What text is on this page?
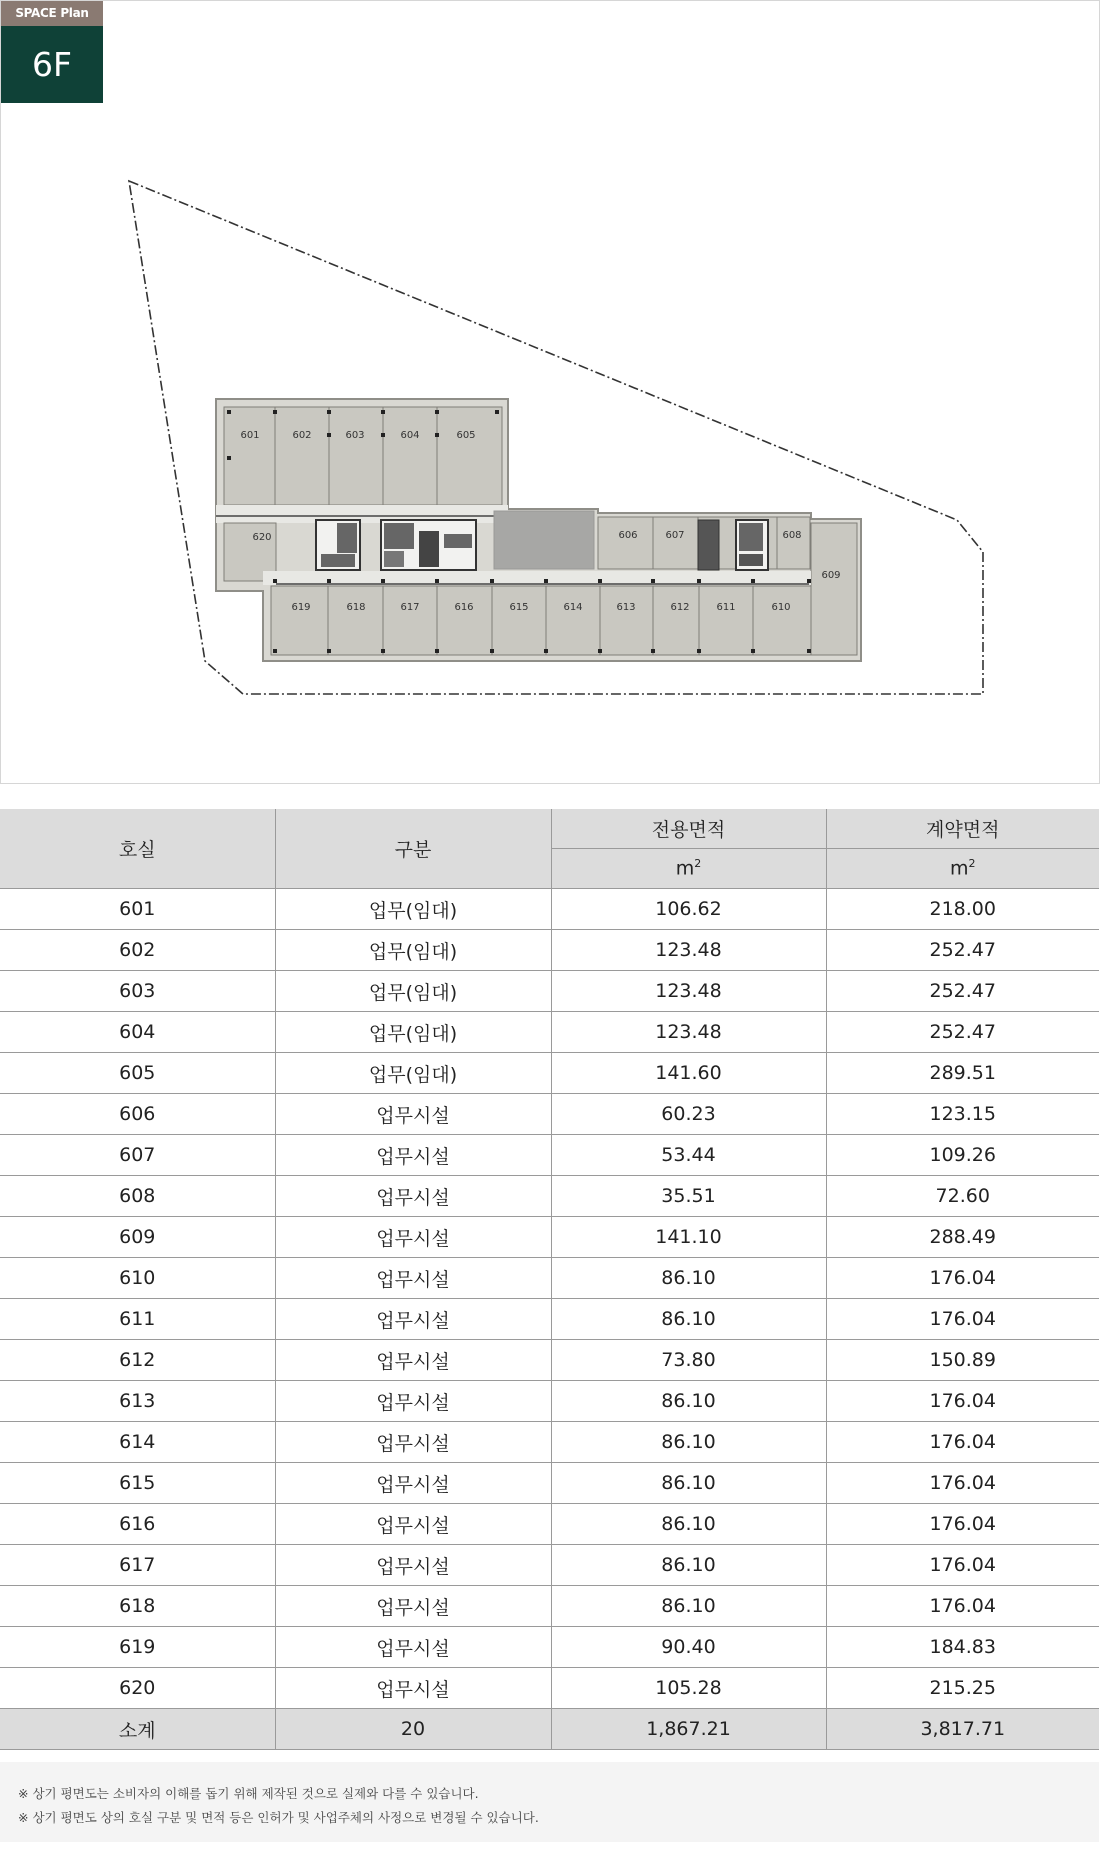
SPACE Plan
6F
601	602	603	604	605
620	606	607	608
609
619	618	617	616	615	614	613	612	611	610
호실	구분	전용면적	계약면적
		$m^2$	$m^2$
601	업무(임대)	106.62	218.00
602	업무(임대)	123.48	252.47
603	업무(임대)	123.48	252.47
604	업무(임대)	123.48	252.47
605	업무(임대)	141.60	289.51
606	업무시설	60.23	123.15
607	업무시설	53.44	109.26
608	업무시설	35.51	72.60
609	업무시설	141.10	288.49
610	업무시설	86.10	176.04
611	업무시설	86.10	176.04
612	업무시설	73.80	150.89
613	업무시설	86.10	176.04
614	업무시설	86.10	176.04
615	업무시설	86.10	176.04
616	업무시설	86.10	176.04
617	업무시설	86.10	176.04
618	업무시설	86.10	176.04
619	업무시설	90.40	184.83
620	업무시설	105.28	215.25
소계	20	1,867.21	3,817.71

※ 상기 평면도는 소비자의 이해를 돕기 위해 제작된 것으로 실제와 다를 수 있습니다.

※ 상기 평면도 상의 호실 구분 및 면적 등은 인허가 및 사업주체의 사정으로 변경될 수 있습니다.
